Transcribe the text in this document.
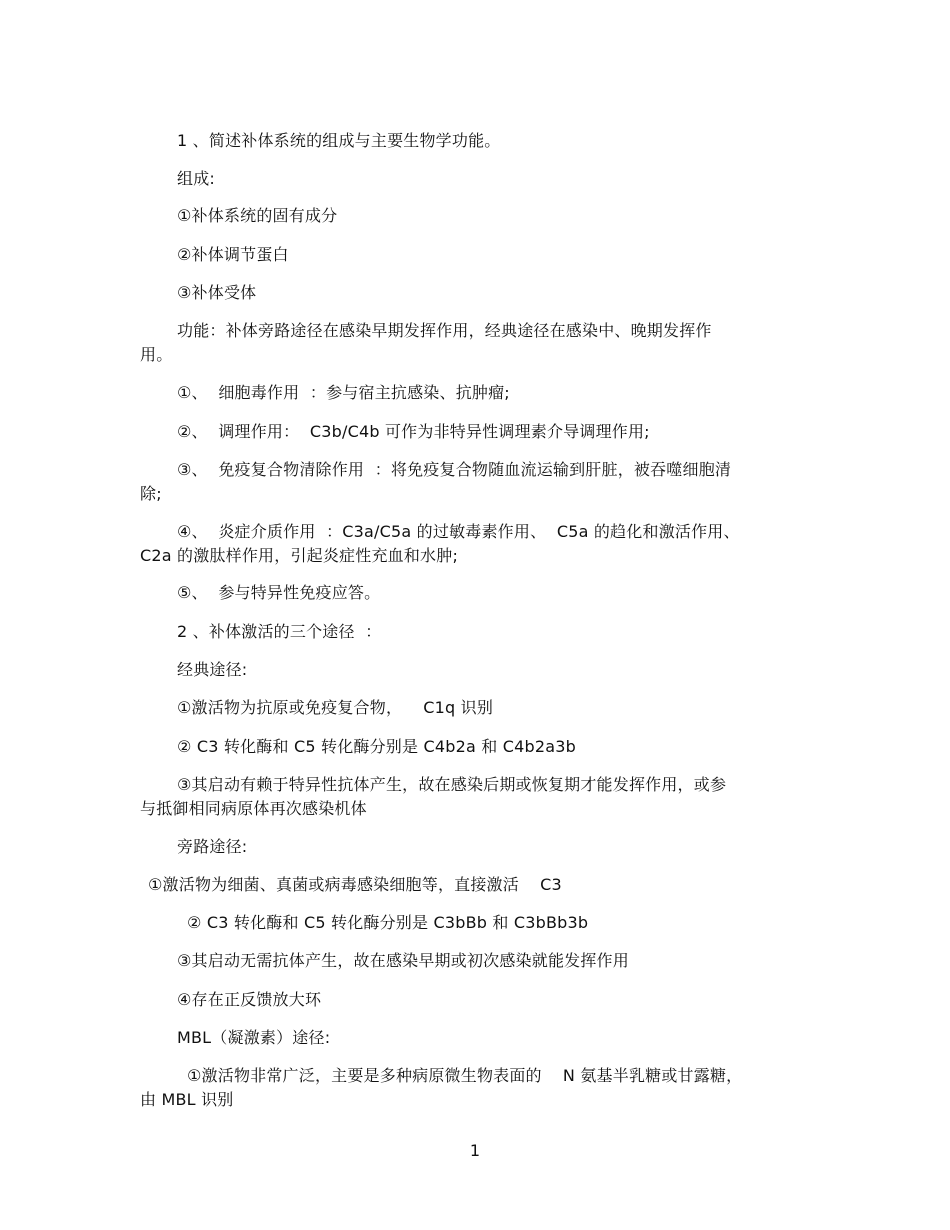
1 、简述补体系统的组成与主要生物学功能。
组成:
①补体系统的固有成分
②补体调节蛋白
③补体受体
功能：补体旁路途径在感染早期发挥作用，经典途径在感染中、晚期发挥作
用。
①、  细胞毒作用  ：参与宿主抗感染、抗肿瘤;
②、  调理作用：  C3b/C4b 可作为非特异性调理素介导调理作用;
③、  免疫复合物清除作用  ：将免疫复合物随血流运输到肝脏，被吞噬细胞清
除;
④、  炎症介质作用  ：C3a/C5a 的过敏毒素作用、  C5a 的趋化和激活作用、
C2a 的激肽样作用，引起炎症性充血和水肿;
⑤、  参与特异性免疫应答。
2 、补体激活的三个途径  ：
经典途径:
①激活物为抗原或免疫复合物，    C1q 识别
② C3 转化酶和 C5 转化酶分别是 C4b2a 和 C4b2a3b
③其启动有赖于特异性抗体产生，故在感染后期或恢复期才能发挥作用，或参
与抵御相同病原体再次感染机体
旁路途径:
①激活物为细菌、真菌或病毒感染细胞等，直接激活    C3
② C3 转化酶和 C5 转化酶分别是 C3bBb 和 C3bBb3b
③其启动无需抗体产生，故在感染早期或初次感染就能发挥作用
④存在正反馈放大环
MBL（凝激素）途径:
①激活物非常广泛，主要是多种病原微生物表面的    N 氨基半乳糖或甘露糖，
由 MBL 识别
1
